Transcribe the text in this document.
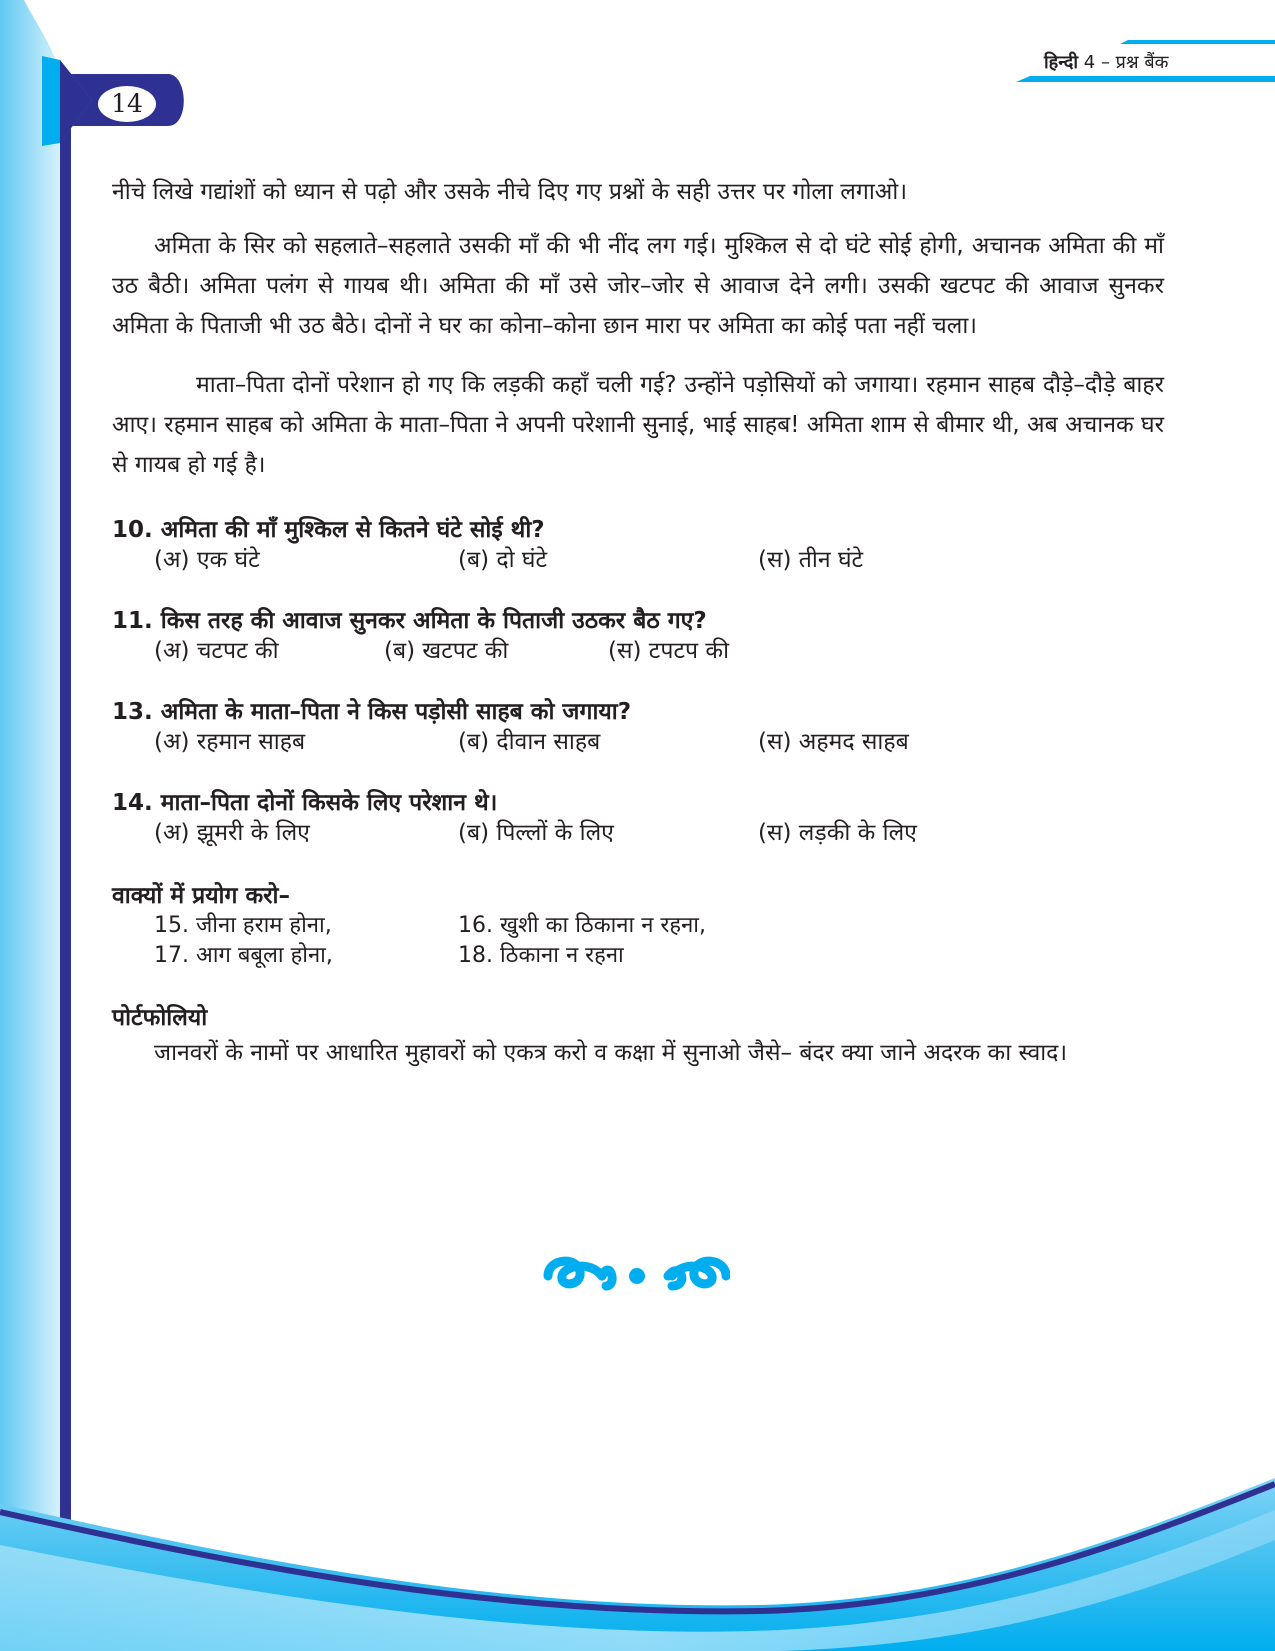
14
हिन्दी 4 – प्रश्न बैंक
नीचे लिखे गद्यांशों को ध्यान से पढ़ो और उसके नीचे दिए गए प्रश्नों के सही उत्तर पर गोला लगाओ।

अमिता के सिर को सहलाते–सहलाते उसकी माँ की भी नींद लग गई। मुश्किल से दो घंटे सोई होगी, अचानक अमिता की माँ उठ बैठी। अमिता पलंग से गायब थी। अमिता की माँ उसे जोर–जोर से आवाज देने लगी। उसकी खटपट की आवाज सुनकर अमिता के पिताजी भी उठ बैठे। दोनों ने घर का कोना–कोना छान मारा पर अमिता का कोई पता नहीं चला।

माता–पिता दोनों परेशान हो गए कि लड़की कहाँ चली गई? उन्होंने पड़ोसियों को जगाया। रहमान साहब दौड़े–दौड़े बाहर आए। रहमान साहब को अमिता के माता–पिता ने अपनी परेशानी सुनाई, भाई साहब! अमिता शाम से बीमार थी, अब अचानक घर से गायब हो गई है।

10. अमिता की माँ मुश्किल से कितने घंटे सोई थी?
(अ) एक घंटे	(ब) दो घंटे	(स) तीन घंटे
11. किस तरह की आवाज सुनकर अमिता के पिताजी उठकर बैठ गए?
(अ) चटपट की	(ब) खटपट की	(स) टपटप की
13. अमिता के माता–पिता ने किस पड़ोसी साहब को जगाया?
(अ) रहमान साहब	(ब) दीवान साहब	(स) अहमद साहब
14. माता–पिता दोनों किसके लिए परेशान थे।
(अ) झूमरी के लिए	(ब) पिल्लों के लिए	(स) लड़की के लिए
वाक्यों में प्रयोग करो–
15. जीना हराम होना,	16. खुशी का ठिकाना न रहना,
17. आग बबूला होना,	18. ठिकाना न रहना
पोर्टफोलियो
जानवरों के नामों पर आधारित मुहावरों को एकत्र करो व कक्षा में सुनाओ जैसे– बंदर क्या जाने अदरक का स्वाद।
